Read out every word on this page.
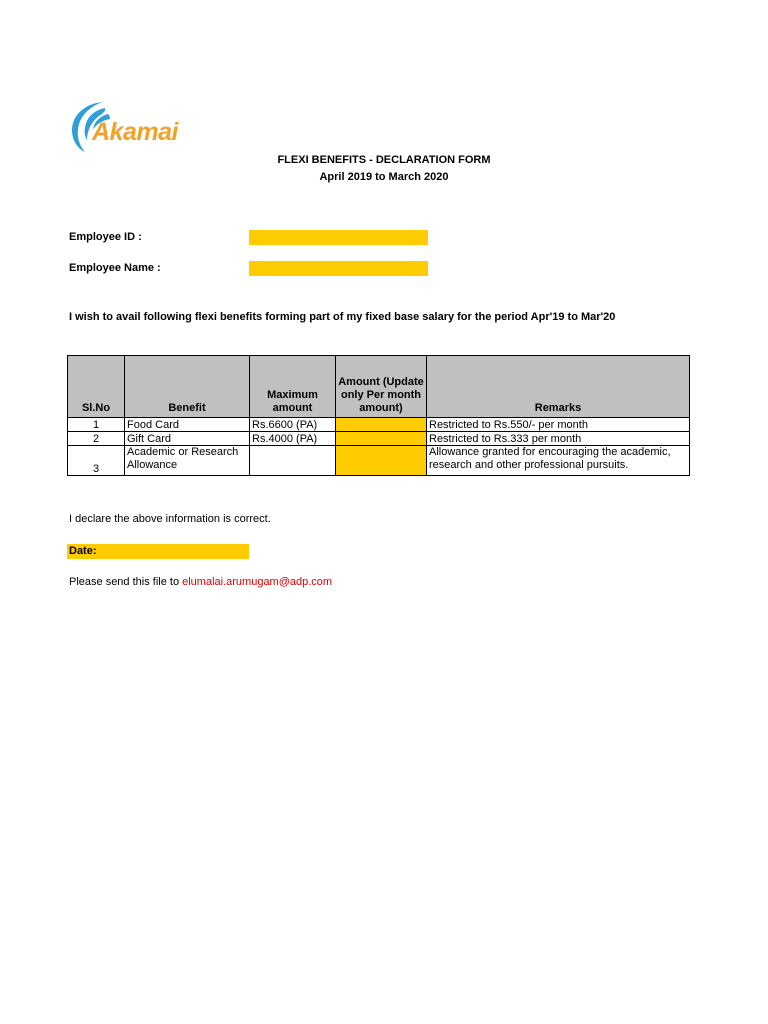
Akamai
FLEXI BENEFITS - DECLARATION FORM
April 2019 to March 2020
Employee ID :
Employee Name :
I wish to avail following flexi benefits forming part of my fixed base salary for the period Apr'19 to Mar'20
Sl.No	Benefit	Maximum amount	Amount (Update only Per month amount)	Remarks
1	Food Card	Rs.6600 (PA)		Restricted to Rs.550/- per month
2	Gift Card	Rs.4000 (PA)		Restricted to Rs.333 per month
3	Academic or Research Allowance			Allowance granted for encouraging the academic, research and other professional pursuits.
I declare the above information is correct.
Date:
Please send this file to elumalai.arumugam@adp.com
